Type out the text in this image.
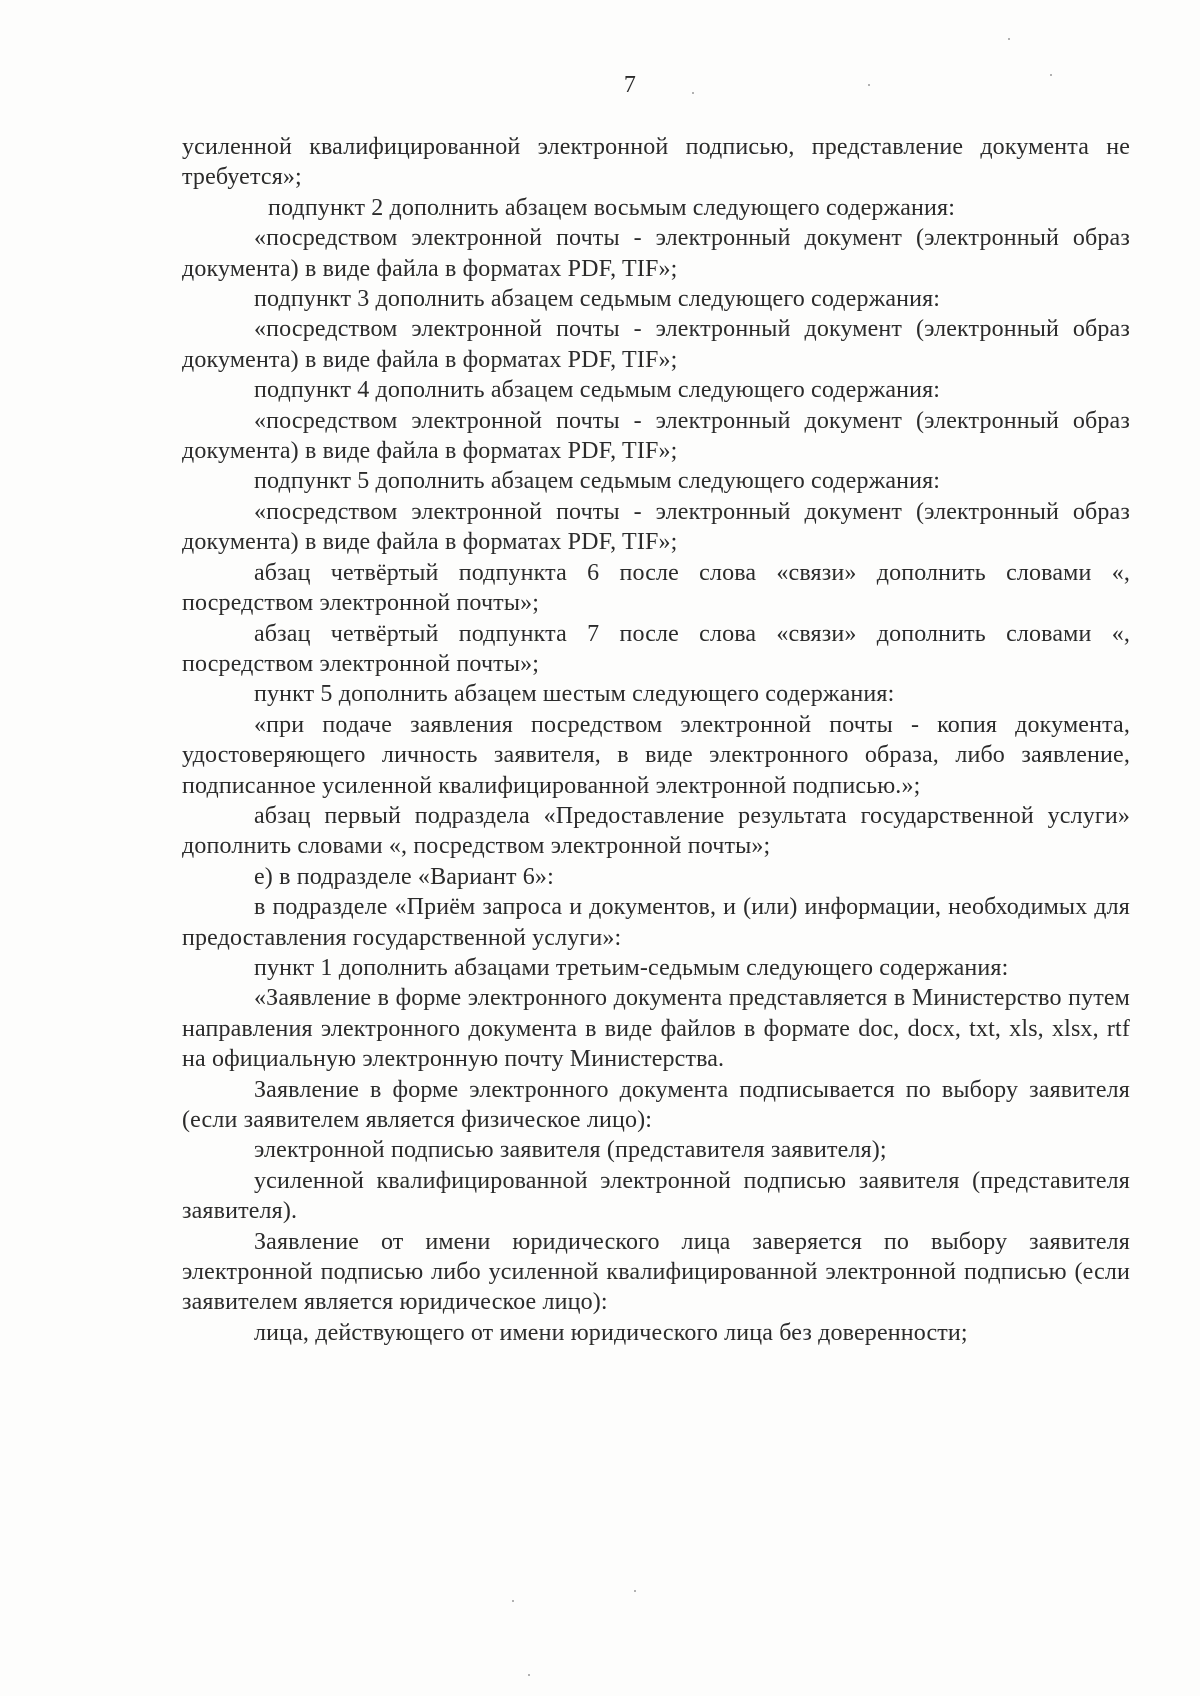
7

усиленной квалифицированной электронной подписью, представление документа не требуется»;

подпункт 2 дополнить абзацем восьмым следующего содержания:

«посредством электронной почты - электронный документ (электронный образ документа) в виде файла в форматах PDF, TIF»;

подпункт 3 дополнить абзацем седьмым следующего содержания:

«посредством электронной почты - электронный документ (электронный образ документа) в виде файла в форматах PDF, TIF»;

подпункт 4 дополнить абзацем седьмым следующего содержания:

«посредством электронной почты - электронный документ (электронный образ документа) в виде файла в форматах PDF, TIF»;

подпункт 5 дополнить абзацем седьмым следующего содержания:

«посредством электронной почты - электронный документ (электронный образ документа) в виде файла в форматах PDF, TIF»;

абзац четвёртый подпункта 6 после слова «связи» дополнить словами «, посредством электронной почты»;

абзац четвёртый подпункта 7 после слова «связи» дополнить словами «, посредством электронной почты»;

пункт 5 дополнить абзацем шестым следующего содержания:

«при подаче заявления посредством электронной почты - копия документа, удостоверяющего личность заявителя, в виде электронного образа, либо заявление, подписанное усиленной квалифицированной электронной подписью.»;

абзац первый подраздела «Предоставление результата государственной услуги» дополнить словами «, посредством электронной почты»;

е) в подразделе «Вариант 6»:

в подразделе «Приём запроса и документов, и (или) информации, необходимых для предоставления государственной услуги»:

пункт 1 дополнить абзацами третьим-седьмым следующего содержания:

«Заявление в форме электронного документа представляется в Министерство путем направления электронного документа в виде файлов в формате doc, docx, txt, xls, xlsx, rtf на официальную электронную почту Министерства.

Заявление в форме электронного документа подписывается по выбору заявителя (если заявителем является физическое лицо):

электронной подписью заявителя (представителя заявителя);

усиленной квалифицированной электронной подписью заявителя (представителя заявителя).

Заявление от имени юридического лица заверяется по выбору заявителя электронной подписью либо усиленной квалифицированной электронной подписью (если заявителем является юридическое лицо):

лица, действующего от имени юридического лица без доверенности;
